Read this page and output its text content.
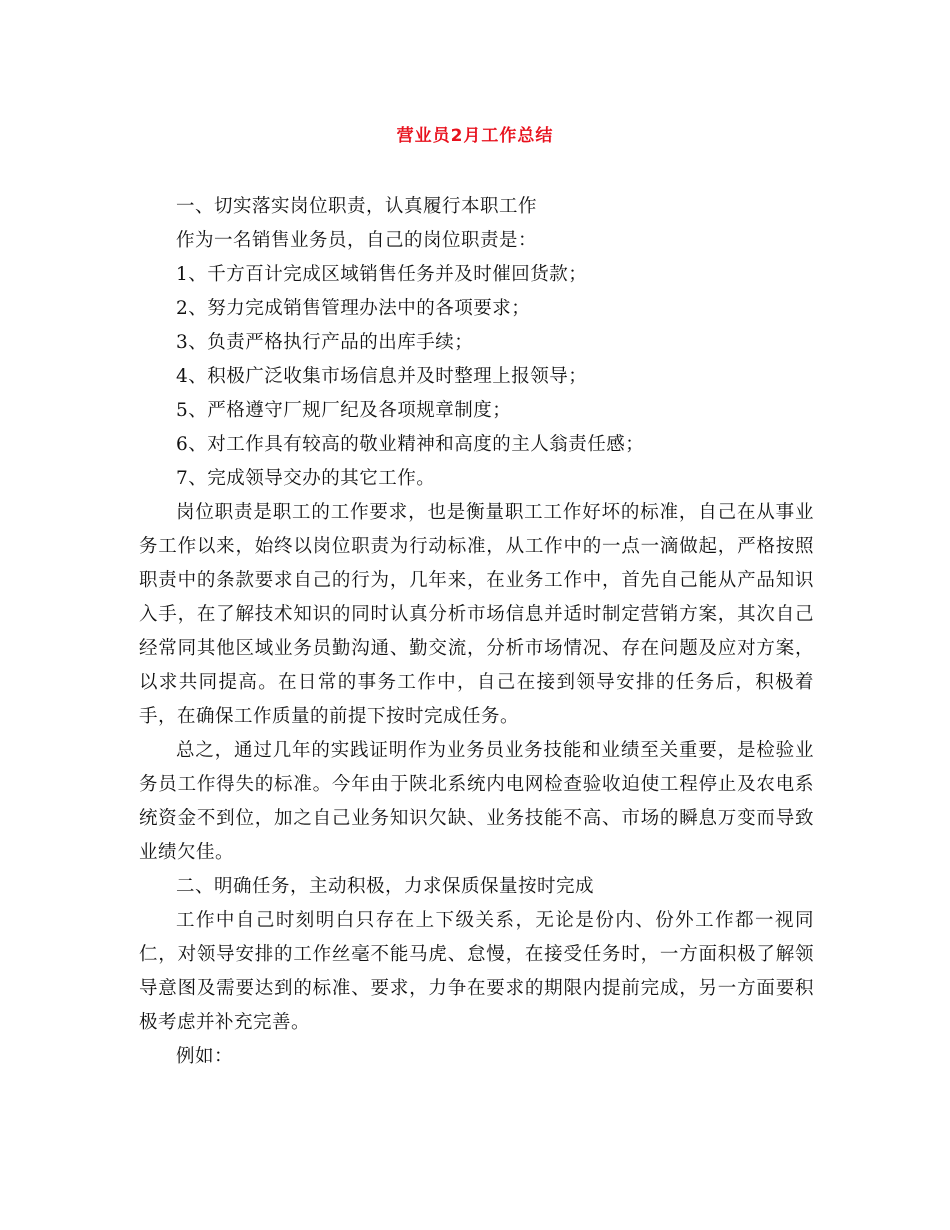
营业员2月工作总结

一、切实落实岗位职责，认真履行本职工作

作为一名销售业务员，自己的岗位职责是：

1、千方百计完成区域销售任务并及时催回货款；

2、努力完成销售管理办法中的各项要求；

3、负责严格执行产品的出库手续；

4、积极广泛收集市场信息并及时整理上报领导；

5、严格遵守厂规厂纪及各项规章制度；

6、对工作具有较高的敬业精神和高度的主人翁责任感；

7、完成领导交办的其它工作。

岗位职责是职工的工作要求，也是衡量职工工作好坏的标准，自己在从事业务工作以来，始终以岗位职责为行动标准，从工作中的一点一滴做起，严格按照职责中的条款要求自己的行为，几年来，在业务工作中，首先自己能从产品知识入手，在了解技术知识的同时认真分析市场信息并适时制定营销方案，其次自己经常同其他区域业务员勤沟通、勤交流，分析市场情况、存在问题及应对方案，以求共同提高。在日常的事务工作中，自己在接到领导安排的任务后，积极着手，在确保工作质量的前提下按时完成任务。

总之，通过几年的实践证明作为业务员业务技能和业绩至关重要，是检验业务员工作得失的标准。今年由于陕北系统内电网检查验收迫使工程停止及农电系统资金不到位，加之自己业务知识欠缺、业务技能不高、市场的瞬息万变而导致业绩欠佳。

二、明确任务，主动积极，力求保质保量按时完成

工作中自己时刻明白只存在上下级关系，无论是份内、份外工作都一视同仁，对领导安排的工作丝毫不能马虎、怠慢，在接受任务时，一方面积极了解领导意图及需要达到的标准、要求，力争在要求的期限内提前完成，另一方面要积极考虑并补充完善。

例如：
